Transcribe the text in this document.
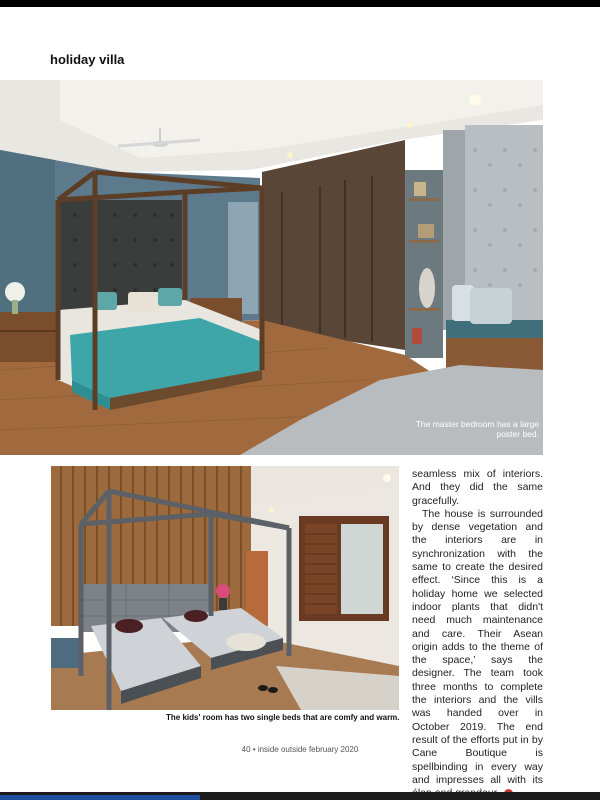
holiday villa
The master bedroom has a large poster bed.
The kids' room has two single beds that are comfy and warm.

seamless mix of interiors. And they did the same gracefully.

The house is surrounded by dense vegetation and the interiors are in synchronization with the same to create the desired effect. ‘Since this is a holiday home we selected indoor plants that didn't need much maintenance and care. Their Asean origin adds to the theme of the space,’ says the designer. The team took three months to complete the interiors and the vills was handed over in October 2019. The end result of the efforts put in by Cane Boutique is spellbinding in every way and impresses all with its

40 • inside outside february 2020
